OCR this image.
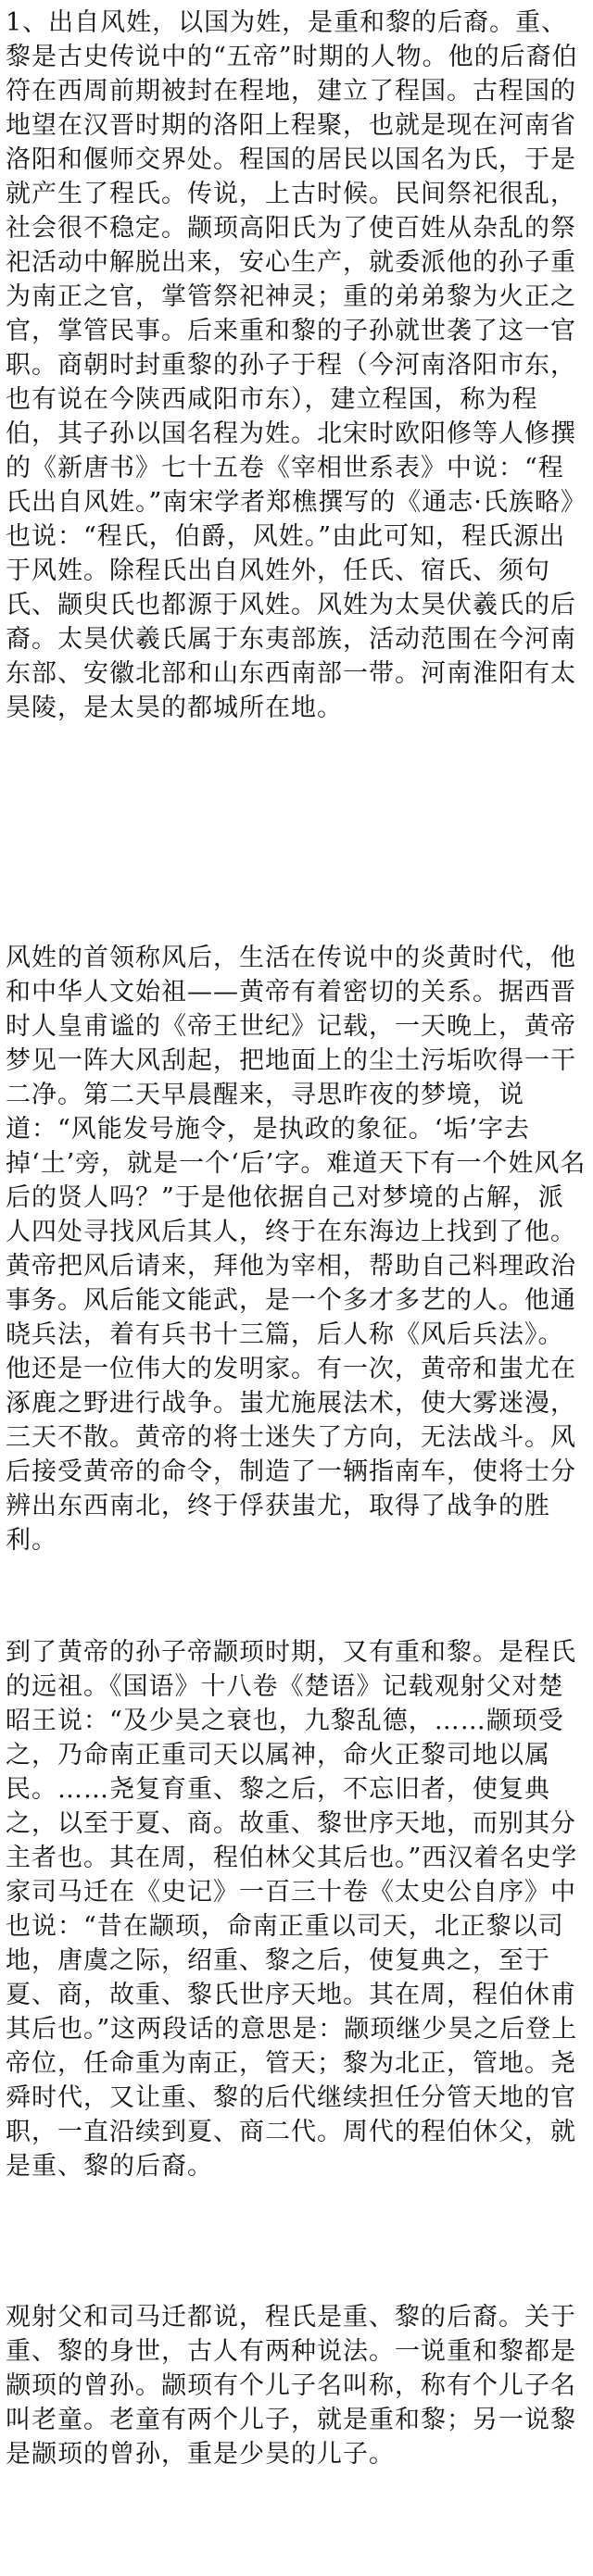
1、出自风姓，以国为姓，是重和黎的后裔。重、黎是古史传说中的“五帝”时期的人物。他的后裔伯符在西周前期被封在程地，建立了程国。古程国的地望在汉晋时期的洛阳上程聚，也就是现在河南省洛阳和偃师交界处。程国的居民以国名为氏，于是就产生了程氏。传说，上古时候。民间祭祀很乱，社会很不稳定。颛顼高阳氏为了使百姓从杂乱的祭祀活动中解脱出来，安心生产，就委派他的孙子重为南正之官，掌管祭祀神灵；重的弟弟黎为火正之官，掌管民事。后来重和黎的子孙就世袭了这一官职。商朝时封重黎的孙子于程（今河南洛阳市东，也有说在今陕西咸阳市东），建立程国，称为程伯，其子孙以国名程为姓。北宋时欧阳修等人修撰的《新唐书》七十五卷《宰相世系表》中说：“程氏出自风姓。”南宋学者郑樵撰写的《通志·氏族略》也说：“程氏，伯爵，风姓。”由此可知，程氏源出于风姓。除程氏出自风姓外，任氏、宿氏、须句氏、颛臾氏也都源于风姓。风姓为太昊伏羲氏的后裔。太昊伏羲氏属于东夷部族，活动范围在今河南东部、安徽北部和山东西南部一带。河南淮阳有太昊陵，是太昊的都城所在地。

风姓的首领称风后，生活在传说中的炎黄时代，他和中华人文始祖——黄帝有着密切的关系。据西晋时人皇甫谧的《帝王世纪》记载，一天晚上，黄帝梦见一阵大风刮起，把地面上的尘土污垢吹得一干二净。第二天早晨醒来，寻思昨夜的梦境，说道：“风能发号施令，是执政的象征。‘垢’字去掉‘土’旁，就是一个‘后’字。难道天下有一个姓风名后的贤人吗？”于是他依据自己对梦境的占解，派人四处寻找风后其人，终于在东海边上找到了他。黄帝把风后请来，拜他为宰相，帮助自己料理政治事务。风后能文能武，是一个多才多艺的人。他通晓兵法，着有兵书十三篇，后人称《风后兵法》。他还是一位伟大的发明家。有一次，黄帝和蚩尤在涿鹿之野进行战争。蚩尤施展法术，使大雾迷漫，三天不散。黄帝的将士迷失了方向，无法战斗。风后接受黄帝的命令，制造了一辆指南车，使将士分辨出东西南北，终于俘获蚩尤，取得了战争的胜利。

到了黄帝的孙子帝颛顼时期，又有重和黎。是程氏的远祖。《国语》十八卷《楚语》记载观射父对楚昭王说：“及少昊之衰也，九黎乱德，……颛顼受之，乃命南正重司天以属神，命火正黎司地以属民。……尧复育重、黎之后，不忘旧者，使复典之，以至于夏、商。故重、黎世序天地，而别其分主者也。其在周，程伯林父其后也。”西汉着名史学家司马迁在《史记》一百三十卷《太史公自序》中也说：“昔在颛顼，命南正重以司天，北正黎以司地，唐虞之际，绍重、黎之后，使复典之，至于夏、商，故重、黎氏世序天地。其在周，程伯休甫其后也。”这两段话的意思是：颛顼继少昊之后登上帝位，任命重为南正，管天；黎为北正，管地。尧舜时代，又让重、黎的后代继续担任分管天地的官职，一直沿续到夏、商二代。周代的程伯休父，就是重、黎的后裔。

观射父和司马迁都说，程氏是重、黎的后裔。关于重、黎的身世，古人有两种说法。一说重和黎都是颛顼的曾孙。颛顼有个儿子名叫称，称有个儿子名叫老童。老童有两个儿子，就是重和黎；另一说黎是颛顼的曾孙，重是少昊的儿子。
